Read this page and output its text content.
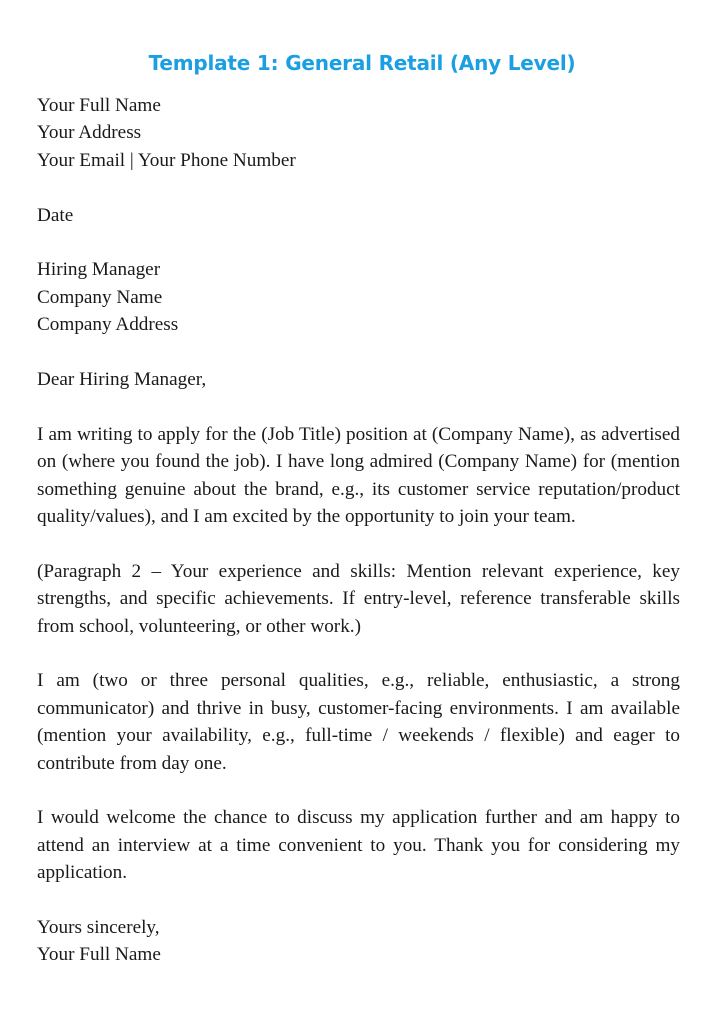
Template 1: General Retail (Any Level)
Your Full Name
Your Address
Your Email | Your Phone Number
Date
Hiring Manager
Company Name
Company Address
Dear Hiring Manager,

I am writing to apply for the (Job Title) position at (Company Name), as advertised on (where you found the job). I have long admired (Company Name) for (mention something genuine about the brand, e.g., its customer service reputation/product quality/values), and I am excited by the opportunity to join your team.

(Paragraph 2 – Your experience and skills: Mention relevant experience, key strengths, and specific achievements. If entry-level, reference transferable skills from school, volunteering, or other work.)

I am (two or three personal qualities, e.g., reliable, enthusiastic, a strong communicator) and thrive in busy, customer-facing environments. I am available (mention your availability, e.g., full-time / weekends / flexible) and eager to contribute from day one.

I would welcome the chance to discuss my application further and am happy to attend an interview at a time convenient to you. Thank you for considering my application.

Yours sincerely,
Your Full Name
